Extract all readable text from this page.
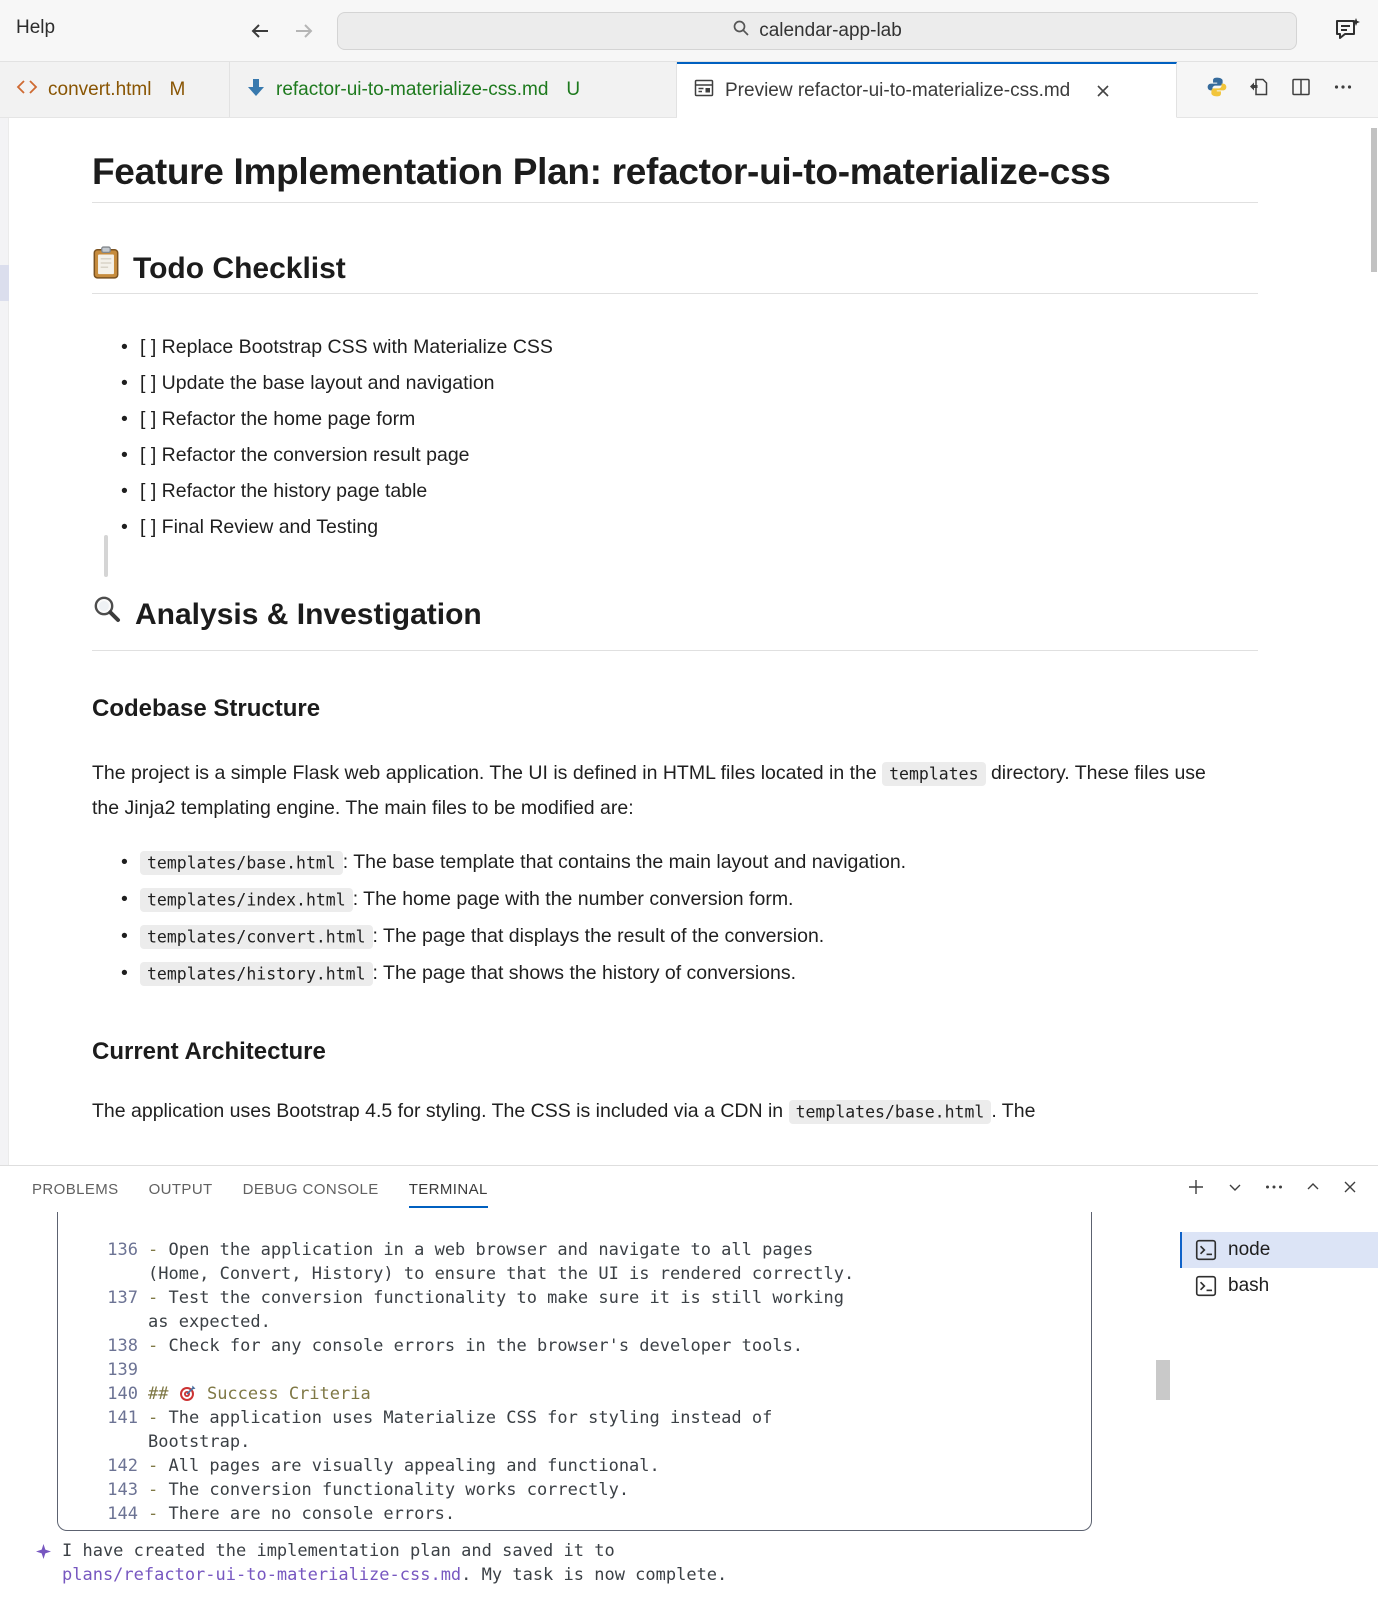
Help	calendar-app-lab
convert.html M	refactor-ui-to-materialize-css.md U	Preview refactor-ui-to-materialize-css.md
Feature Implementation Plan: refactor-ui-to-materialize-css
Todo Checklist
• [ ] Replace Bootstrap CSS with Materialize CSS
• [ ] Update the base layout and navigation
• [ ] Refactor the home page form
• [ ] Refactor the conversion result page
• [ ] Refactor the history page table
• [ ] Final Review and Testing
Analysis & Investigation
Codebase Structure

The project is a simple Flask web application. The UI is defined in HTML files located in the templates directory. These files use the Jinja2 templating engine. The main files to be modified are:

• templates/base.html : The base template that contains the main layout and navigation.
• templates/index.html : The home page with the number conversion form.
• templates/convert.html : The page that displays the result of the conversion.
• templates/history.html : The page that shows the history of conversions.
Current Architecture

The application uses Bootstrap 4.5 for styling. The CSS is included via a CDN in templates/base.html . The

PROBLEMS OUTPUT DEBUG CONSOLE TERMINAL
136 - Open the application in a web browser and navigate to all pages
(Home, Convert, History) to ensure that the UI is rendered correctly.
137 - Test the conversion functionality to make sure it is still working
as expected.
138 - Check for any console errors in the browser's developer tools.
139
140 ##  Success Criteria
141 - The application uses Materialize CSS for styling instead of
Bootstrap.
142 - All pages are visually appealing and functional.
143 - The conversion functionality works correctly.
144 - There are no console errors.
I have created the implementation plan and saved it to
plans/refactor-ui-to-materialize-css.md . My task is now complete.
node
bash
